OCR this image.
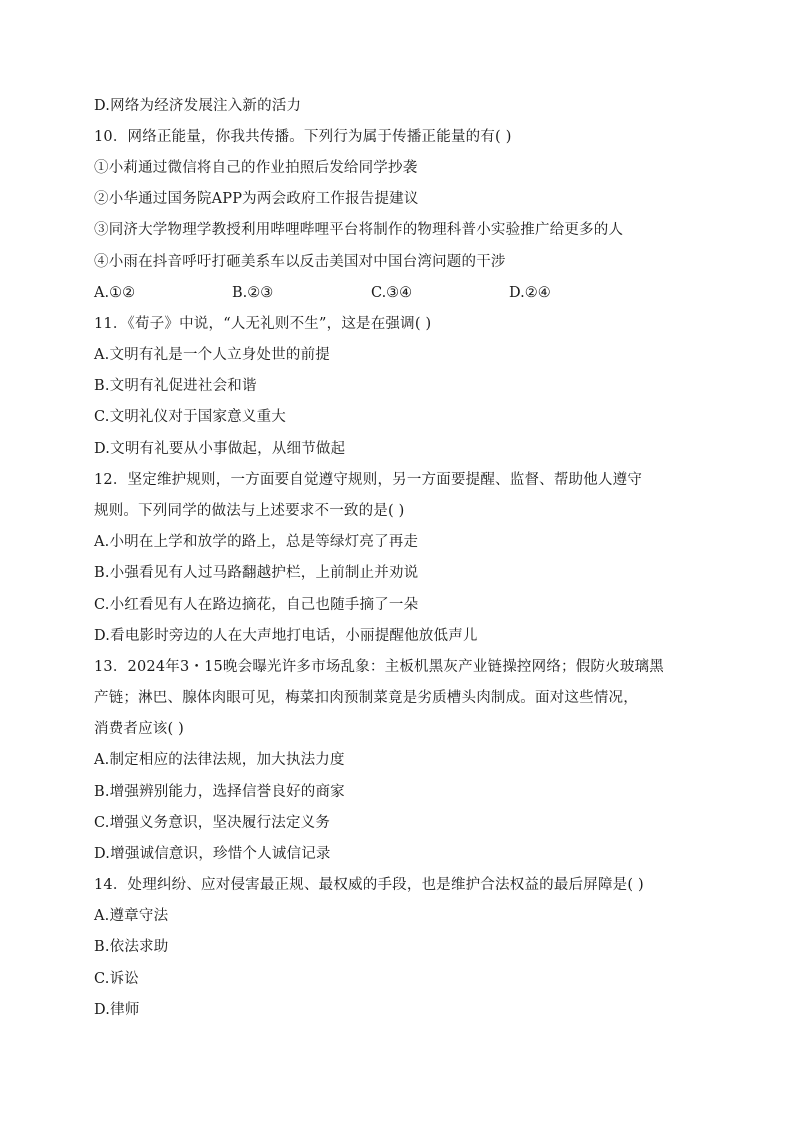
D.网络为经济发展注入新的活力
10．网络正能量，你我共传播。下列行为属于传播正能量的有( )
①小莉通过微信将自己的作业拍照后发给同学抄袭
②小华通过国务院APP为两会政府工作报告提建议
③同济大学物理学教授利用哔哩哔哩平台将制作的物理科普小实验推广给更多的人
④小雨在抖音呼吁打砸美系车以反击美国对中国台湾问题的干涉
A.①②	B.②③	C.③④	D.②④
11．《荀子》中说，“人无礼则不生”，这是在强调( )
A.文明有礼是一个人立身处世的前提
B.文明有礼促进社会和谐
C.文明礼仪对于国家意义重大
D.文明有礼要从小事做起，从细节做起
12．坚定维护规则，一方面要自觉遵守规则，另一方面要提醒、监督、帮助他人遵守
规则。下列同学的做法与上述要求不一致的是( )
A.小明在上学和放学的路上，总是等绿灯亮了再走
B.小强看见有人过马路翻越护栏，上前制止并劝说
C.小红看见有人在路边摘花，自己也随手摘了一朵
D.看电影时旁边的人在大声地打电话，小丽提醒他放低声儿
13．2024年3・15晚会曝光许多市场乱象：主板机黑灰产业链操控网络；假防火玻璃黑
产链；淋巴、腺体肉眼可见，梅菜扣肉预制菜竟是劣质槽头肉制成。面对这些情况，
消费者应该( )
A.制定相应的法律法规，加大执法力度
B.增强辨别能力，选择信誉良好的商家
C.增强义务意识，坚决履行法定义务
D.增强诚信意识，珍惜个人诚信记录
14．处理纠纷、应对侵害最正规、最权威的手段，也是维护合法权益的最后屏障是( )
A.遵章守法
B.依法求助
C.诉讼
D.律师
